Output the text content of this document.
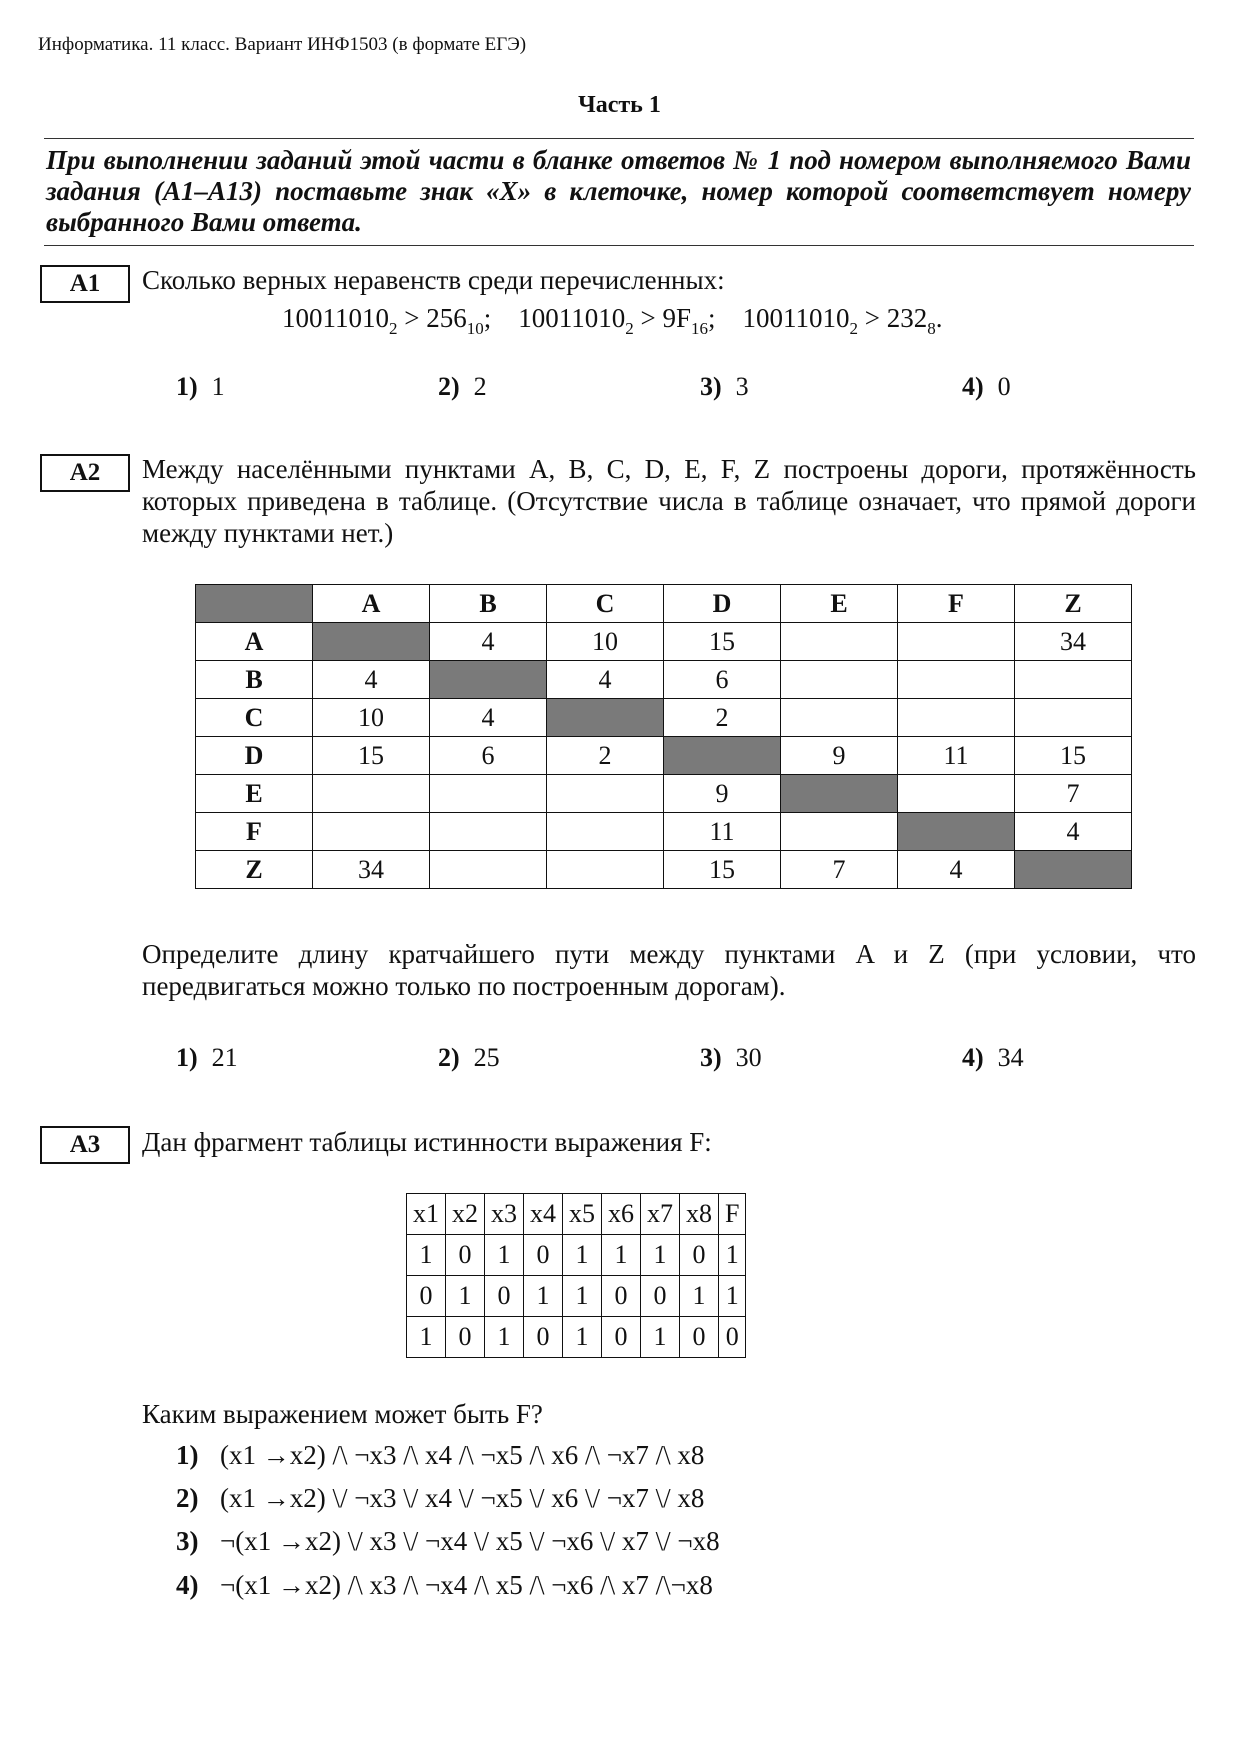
Информатика. 11 класс. Вариант ИНФ1503 (в формате ЕГЭ)
Часть 1
При выполнении заданий этой части в бланке ответов № 1 под номером выполняемого Вами задания (А1–А13) поставьте знак «Х» в клеточке, номер которой соответствует номеру выбранного Вами ответа.
А1	Сколько верных неравенств среди перечисленных:
$10011010_2 > 256_{10}$; $10011010_2 > 9F_{16}$; $10011010_2 > 232_8$.
1) 1	2) 2	3) 3	4) 0
А2	Между населёнными пунктами A, B, C, D, E, F, Z построены дороги, протяжённость которых приведена в таблице. (Отсутствие числа в таблице означает, что прямой дороги между пунктами нет.)
	A	B	C	D	E	F	Z
A		4	10	15			34
B	4		4	6			
C	10	4		2			
D	15	6	2		9	11	15
E				9			7
F				11			4
Z	34			15	7	4	
Определите длину кратчайшего пути между пунктами A и Z (при условии, что передвигаться можно только по построенным дорогам).
1) 21	2) 25	3) 30	4) 34
А3	Дан фрагмент таблицы истинности выражения F:
x1	x2	x3	x4	x5	x6	x7	x8	F
1	0	1	0	1	1	1	0	1
0	1	0	1	1	0	0	1	1
1	0	1	0	1	0	1	0	0
Каким выражением может быть F?
1) (x1 →x2) /\ ¬x3 /\ x4 /\ ¬x5 /\ x6 /\ ¬x7 /\ x8
2) (x1 →x2) \/ ¬x3 \/ x4 \/ ¬x5 \/ x6 \/ ¬x7 \/ x8
3) ¬(x1 →x2) \/ x3 \/ ¬x4 \/ x5 \/ ¬x6 \/ x7 \/ ¬x8
4) ¬(x1 →x2) /\ x3 /\ ¬x4 /\ x5 /\ ¬x6 /\ x7 /\¬x8
